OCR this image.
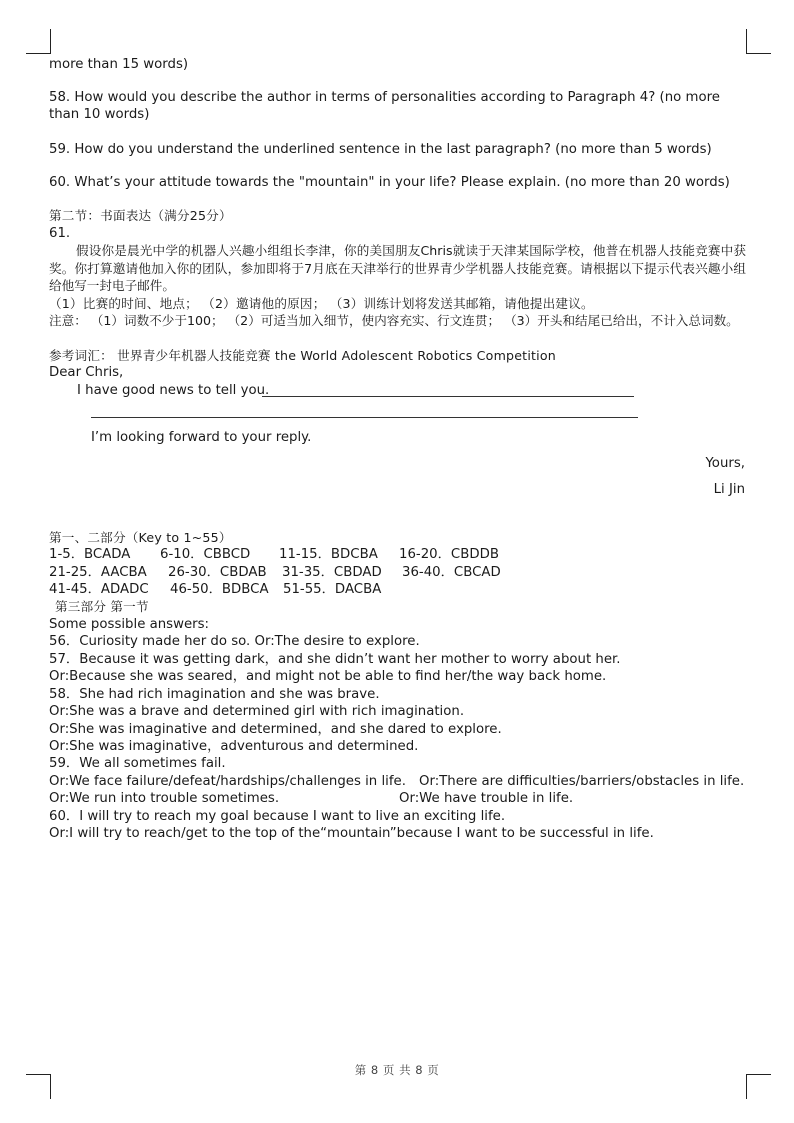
more than 15 words)
58. How would you describe the author in terms of personalities according to Paragraph 4? (no more than 10 words)
59. How do you understand the underlined sentence in the last paragraph? (no more than 5 words)
60. What’s your attitude towards the "mountain" in your life? Please explain. (no more than 20 words)
第二节：书面表达（满分25分）
61.

假设你是晨光中学的机器人兴趣小组组长李津，你的美国朋友Chris就读于天津某国际学校，他普在机器人技能竞赛中获奖。你打算邀请他加入你的团队，参加即将于7月底在天津举行的世界青少学机器人技能竞赛。请根据以下提示代表兴趣小组给他写一封电子邮件。

（1）比赛的时间、地点； （2）邀请他的原因； （3）训练计划将发送其邮箱，请他提出建议。

注意： （1）词数不少于100； （2）可适当加入细节，使内容充实、行文连贯； （3）开头和结尾已给出，不计入总词数。

参考词汇： 世界青少年机器人技能竞赛 the World Adolescent Robotics Competition
Dear Chris,
I have good news to tell you.
I’m looking forward to your reply.
Yours,
Li Jin
第一、二部分（Key to 1~55）
1-5．BCADA 6-10．CBBCD 11-15．BDCBA 16-20．CBDDB
21-25．AACBA 26-30．CBDAB 31-35．CBDAD 36-40．CBCAD
41-45．ADADC 46-50．BDBCA 51-55．DACBA
第三部分 第一节
Some possible answers:
56．Curiosity made her do so. Or:The desire to explore.
57．Because it was getting dark，and she didn’t want her mother to worry about her.
Or:Because she was seared，and might not be able to find her/the way back home.
58．She had rich imagination and she was brave.
Or:She was a brave and determined girl with rich imagination.
Or:She was imaginative and determined，and she dared to explore.
Or:She was imaginative，adventurous and determined.
59．We all sometimes fail.
Or:We face failure/defeat/hardships/challenges in life. Or:There are difficulties/barriers/obstacles in life.
Or:We run into trouble sometimes.	Or:We have trouble in life.
60．I will try to reach my goal because I want to live an exciting life.
Or:I will try to reach/get to the top of the“mountain”because I want to be successful in life.
第 8 页 共 8 页
